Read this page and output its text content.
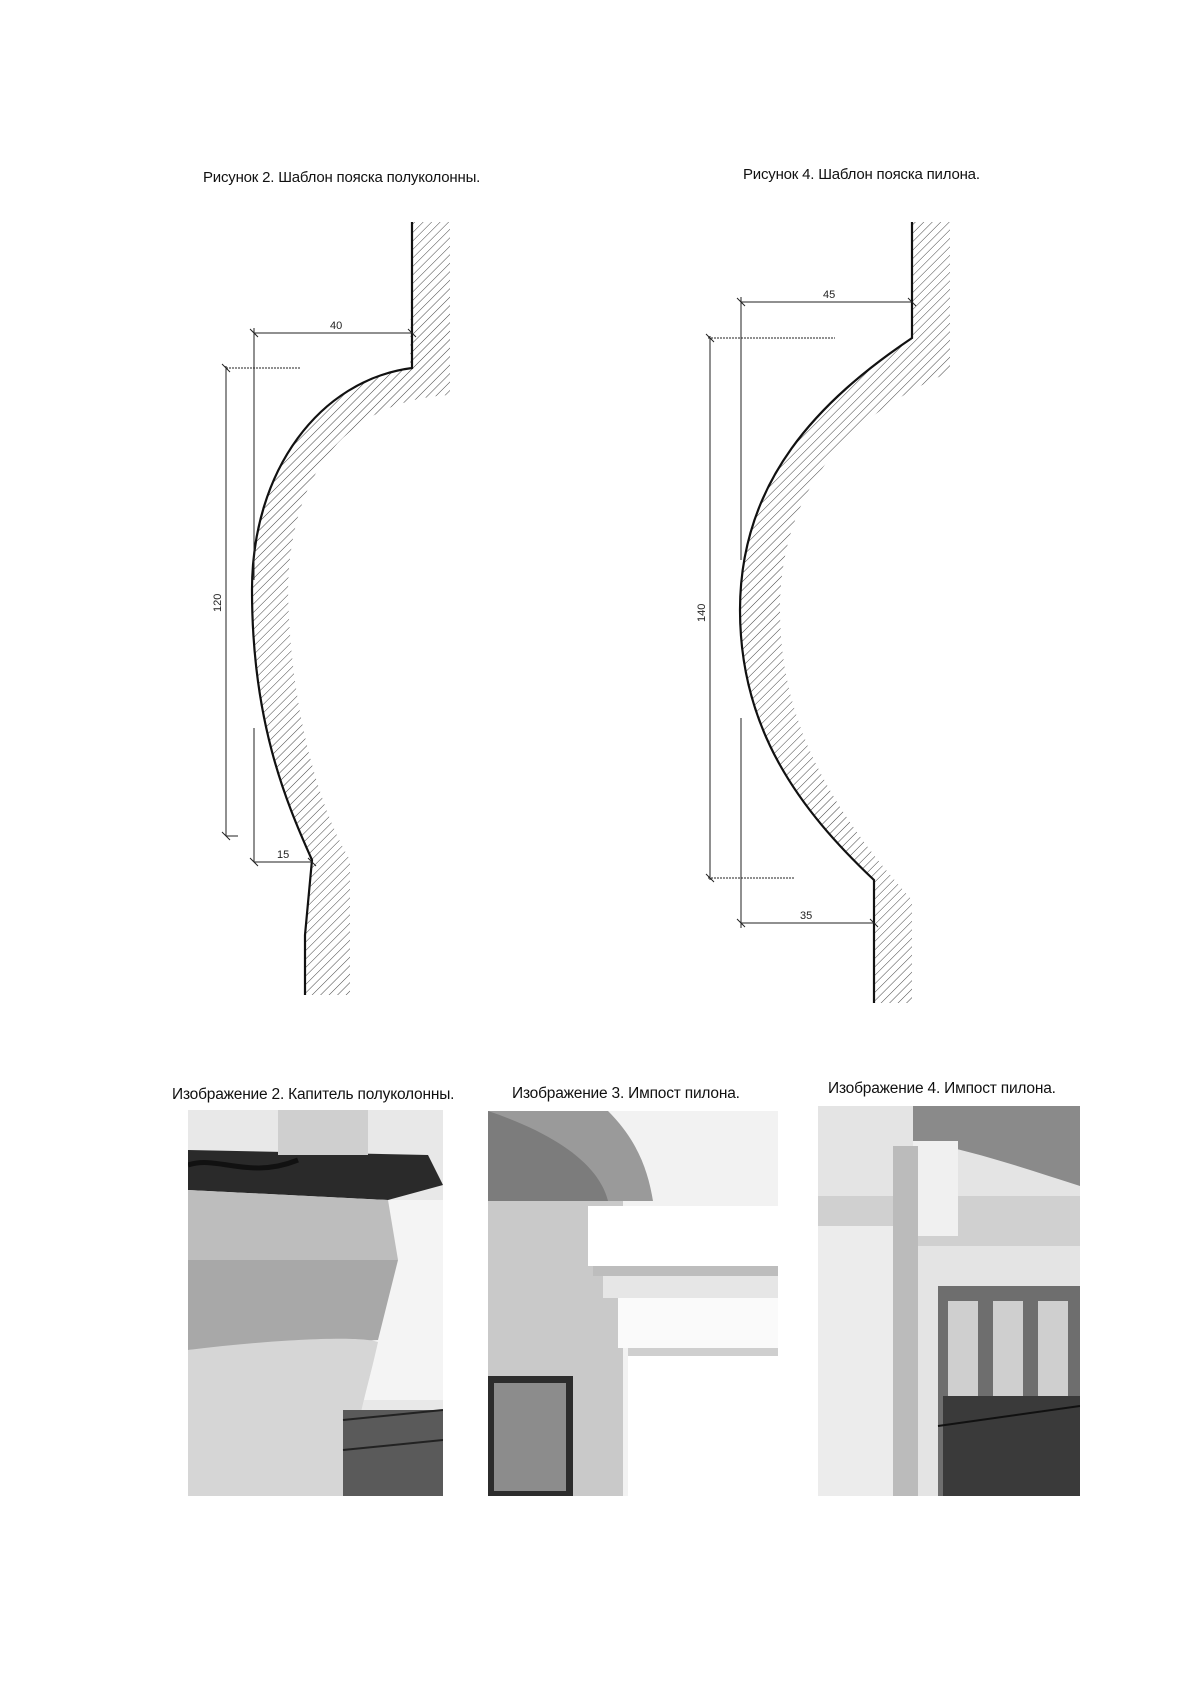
Рисунок 2. Шаблон пояска полуколонны.	Рисунок 4. Шаблон пояска пилона.
40
120
15
45
140
35
Изображение 2. Капитель полуколонны.	Изображение 3. Импост пилона.	Изображение 4. Импост пилона.
